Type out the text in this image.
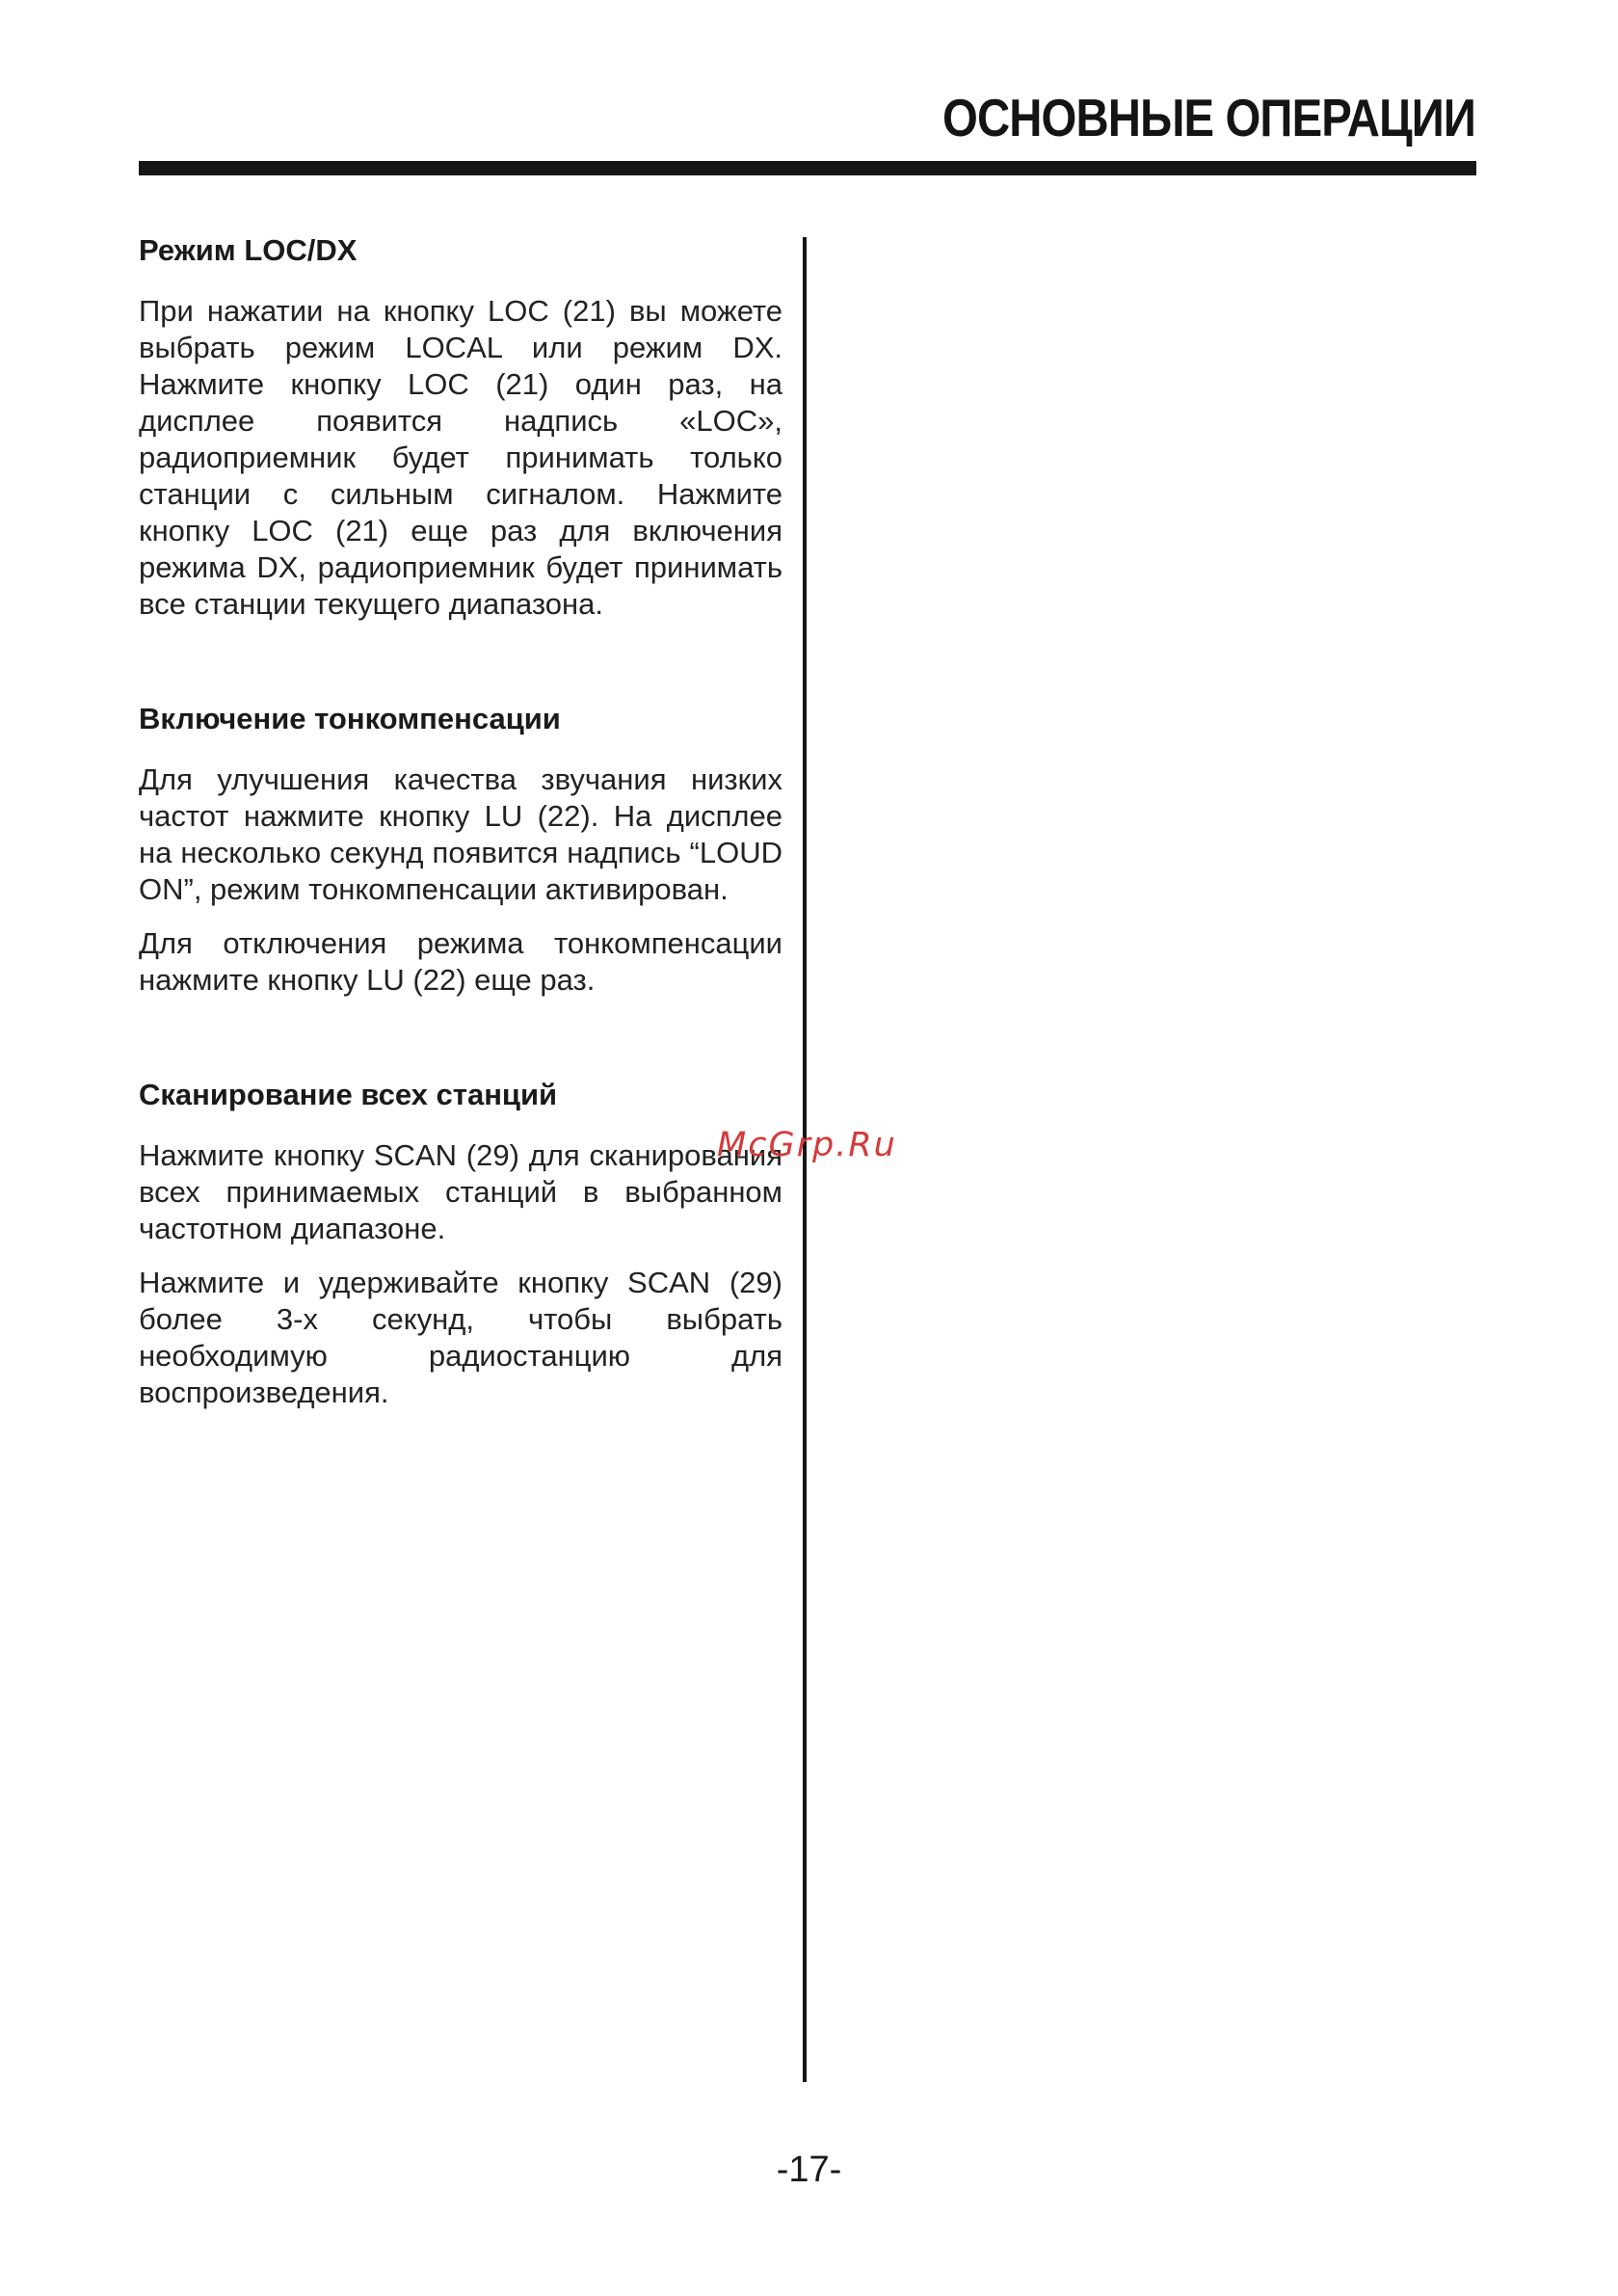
ОСНОВНЫЕ ОПЕРАЦИИ
Режим LOC/DX

При нажатии на кнопку LOC (21) вы можете выбрать режим LOCAL или режим DX. Нажмите кнопку LOC (21) один раз, на дисплее появится надпись «LOC», радиоприемник будет принимать только станции с сильным сигналом. Нажмите кнопку LOC (21) еще раз для включения режима DX, радиоприемник будет принимать все станции текущего диапазона.

Включение тонкомпенсации

Для улучшения качества звучания низких частот нажмите кнопку LU (22). На дисплее на несколько секунд появится надпись “LOUD ON”, режим тонкомпенсации активирован.

Для отключения режима тонкомпенсации нажмите кнопку LU (22) еще раз.

Сканирование всех станций

Нажмите кнопку SCAN (29) для сканирования всех принимаемых станций в выбранном частотном диапазоне.

Нажмите и удерживайте кнопку SCAN (29) более 3-х секунд, чтобы выбрать необходимую радиостанцию для воспроизведения.

McGrp.Ru
-17-
